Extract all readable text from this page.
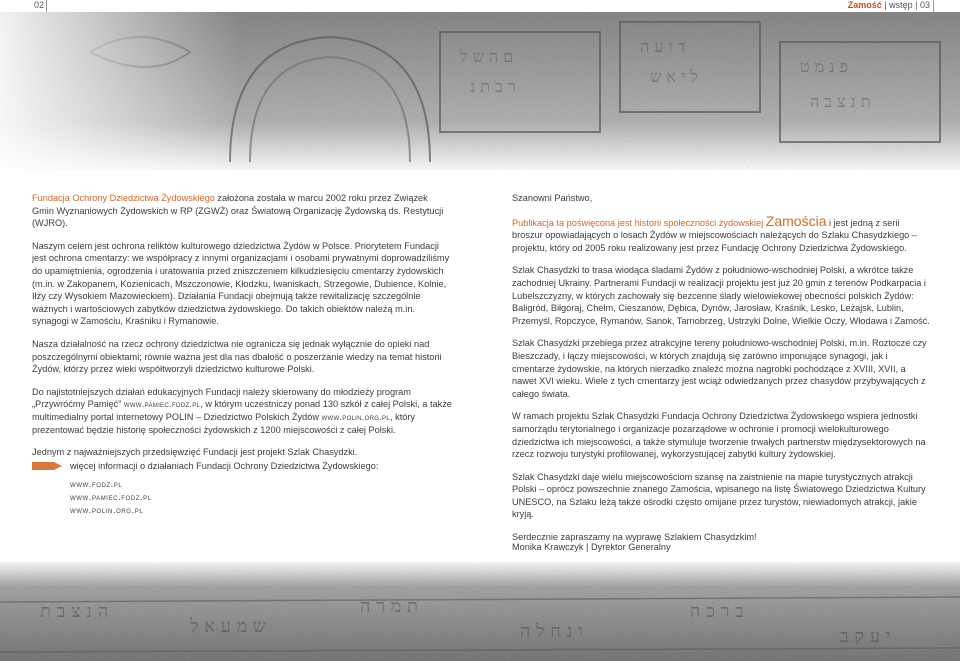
02	Zamość | wstęp | 03

Fundacja Ochrony Dziedzictwa Żydowskiego założona została w marcu 2002 roku przez Związek Gmin Wyznaniowych Żydowskich w RP (ZGWŻ) oraz Światową Organizację Żydowską ds. Restytucji (WJRO).

Naszym celem jest ochrona reliktów kulturowego dziedzictwa Żydów w Polsce. Priorytetem Fundacji jest ochrona cmentarzy: we współpracy z innymi organizacjami i osobami prywatnymi doprowadziliśmy do upamiętnienia, ogrodzenia i uratowania przed zniszczeniem kilkudziesięciu cmentarzy żydowskich (m.in. w Zakopanem, Kozienicach, Mszczonowie, Kłodzku, Iwaniskach, Strzegowie, Dubience, Kolnie, Iłży czy Wysokiem Mazowieckiem). Działania Fundacji obejmują także rewitalizację szczególnie ważnych i wartościowych zabytków dziedzictwa żydowskiego. Do takich obiektów należą m.in. synagogi w Zamościu, Kraśniku i Rymanowie.

Nasza działalność na rzecz ochrony dziedzictwa nie ogranicza się jednak wyłącznie do opieki nad poszczególnymi obiektami; równie ważna jest dla nas dbałość o poszerzanie wiedzy na temat historii Żydów, którzy przez wieki współtworzyli dziedzictwo kulturowe Polski.

Do najistotniejszych działań edukacyjnych Fundacji należy skierowany do młodzieży program „Przywróćmy Pamięć” www.pamiec.fodz.pl, w którym uczestniczy ponad 130 szkół z całej Polski, a także multimedialny portal internetowy POLIN – Dziedzictwo Polskich Żydów www.polin.org.pl, który prezentować będzie historię społeczności żydowskich z 1200 miejscowości z całej Polski.

Jednym z najważniejszych przedsięwzięć Fundacji jest projekt Szlak Chasydzki.

więcej informacji o działaniach Fundacji Ochrony Dziedzictwa Żydowskiego:
www.fodz.pl
www.pamiec.fodz.pl
www.polin.org.pl

Szanowni Państwo,

Publikacja ta poświęcona jest historii społeczności żydowskiej Zamościa i jest jedną z serii broszur opowiadających o losach Żydów w miejscowościach należących do Szlaku Chasydzkiego – projektu, który od 2005 roku realizowany jest przez Fundację Ochrony Dziedzictwa Żydowskiego.

Szlak Chasydzki to trasa wiodąca śladami Żydów z południowo-wschodniej Polski, a wkrótce także zachodniej Ukrainy. Partnerami Fundacji w realizacji projektu jest już 20 gmin z terenów Podkarpacia i Lubelszczyzny, w których zachowały się bezcenne ślady wielowiekowej obecności polskich Żydów: Baligród, Biłgoraj, Chełm, Cieszanów, Dębica, Dynów, Jarosław, Kraśnik, Lesko, Leżajsk, Lublin, Przemyśl, Ropczyce, Rymanów, Sanok, Tarnobrzeg, Ustrzyki Dolne, Wielkie Oczy, Włodawa i Zamość.

Szlak Chasydzki przebiega przez atrakcyjne tereny południowo-wschodniej Polski, m.in. Roztocze czy Bieszczady, i łączy miejscowości, w których znajdują się zarówno imponujące synagogi, jak i cmentarze żydowskie, na których nierzadko znaleźć można nagrobki pochodzące z XVIII, XVII, a nawet XVI wieku. Wiele z tych cmentarzy jest wciąż odwiedzanych przez chasydów przybywających z całego świata.

W ramach projektu Szlak Chasydzki Fundacja Ochrony Dziedzictwa Żydowskiego wspiera jednostki samorządu terytorialnego i organizacje pozarządowe w ochronie i promocji wielokulturowego dziedzictwa ich miejscowości, a także stymuluje tworzenie trwałych partnerstw międzysektorowych na rzecz rozwoju turystyki profilowanej, wykorzystującej zabytki kultury żydowskiej.

Szlak Chasydzki daje wielu miejscowościom szansę na zaistnienie na mapie turystycznych atrakcji Polski – oprócz powszechnie znanego Zamościa, wpisanego na listę Światowego Dziedzictwa Kultury UNESCO, na Szlaku leżą także ośrodki często omijane przez turystów, niewiadomych atrakcji, jakie kryją.

Serdecznie zapraszamy na wyprawę Szlakiem Chasydzkim!

Monika Krawczyk | Dyrektor Generalny
ה נ צ ב ת
ש מ ע א ל
ת מ ר ה
ו נ ח ל ה
ב ר כ ה
י ע ק ב
